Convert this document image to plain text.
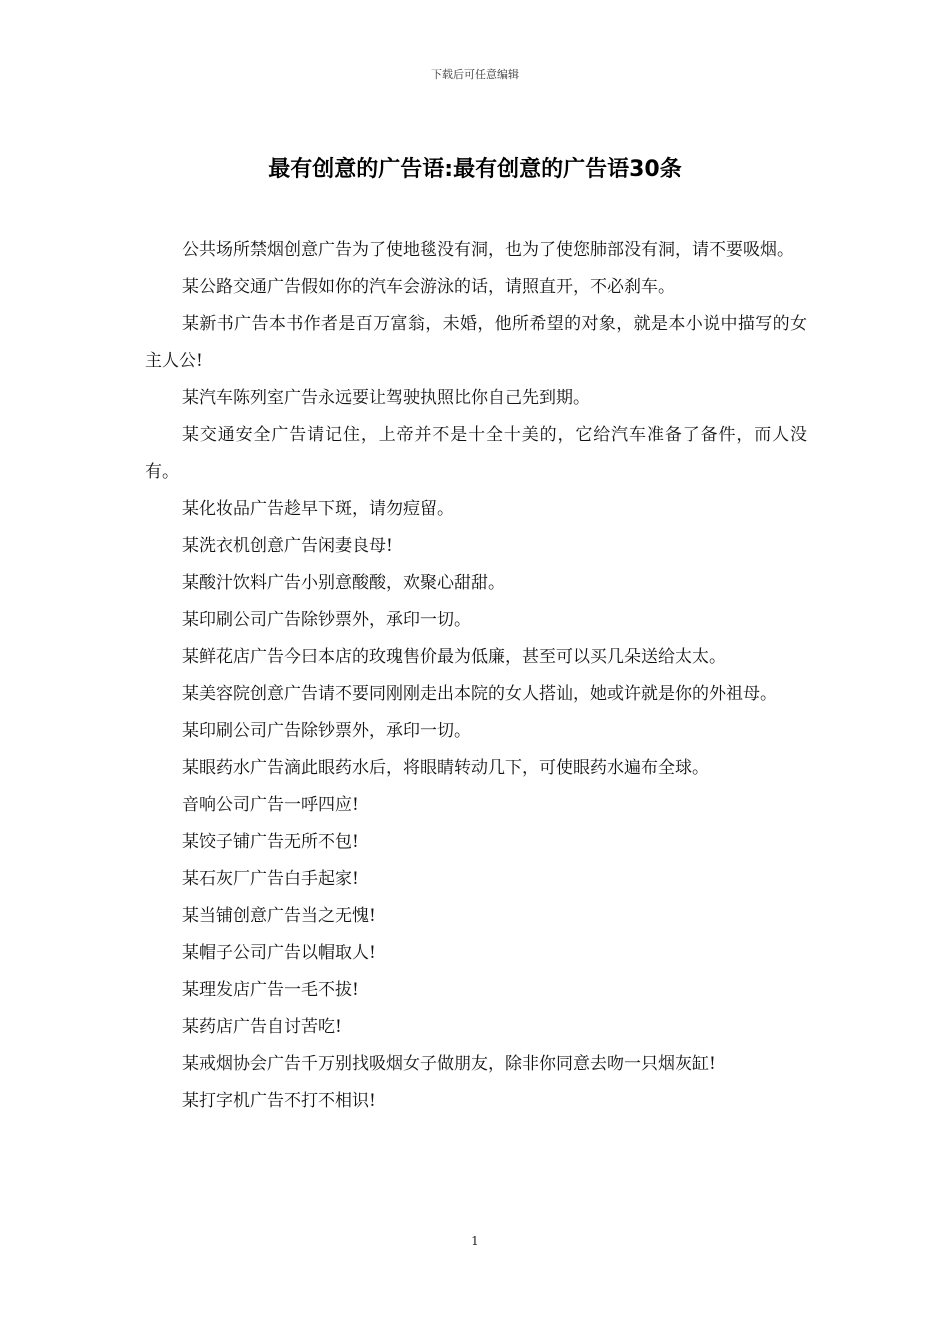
下载后可任意编辑
最有创意的广告语:最有创意的广告语30条

公共场所禁烟创意广告为了使地毯没有洞，也为了使您肺部没有洞，请不要吸烟。

某公路交通广告假如你的汽车会游泳的话，请照直开，不必刹车。

某新书广告本书作者是百万富翁，未婚，他所希望的对象，就是本小说中描写的女主人公!

某汽车陈列室广告永远要让驾驶执照比你自己先到期。

某交通安全广告请记住，上帝并不是十全十美的，它给汽车准备了备件，而人没有。

某化妆品广告趁早下斑，请勿痘留。

某洗衣机创意广告闲妻良母!

某酸汁饮料广告小别意酸酸，欢聚心甜甜。

某印刷公司广告除钞票外，承印一切。

某鲜花店广告今曰本店的玫瑰售价最为低廉，甚至可以买几朵送给太太。

某美容院创意广告请不要同刚刚走出本院的女人搭讪，她或许就是你的外祖母。

某印刷公司广告除钞票外，承印一切。

某眼药水广告滴此眼药水后，将眼睛转动几下，可使眼药水遍布全球。

音响公司广告一呼四应!

某饺子铺广告无所不包!

某石灰厂广告白手起家!

某当铺创意广告当之无愧!

某帽子公司广告以帽取人!

某理发店广告一毛不拔!

某药店广告自讨苦吃!

某戒烟协会广告千万别找吸烟女子做朋友，除非你同意去吻一只烟灰缸!

某打字机广告不打不相识!

1
